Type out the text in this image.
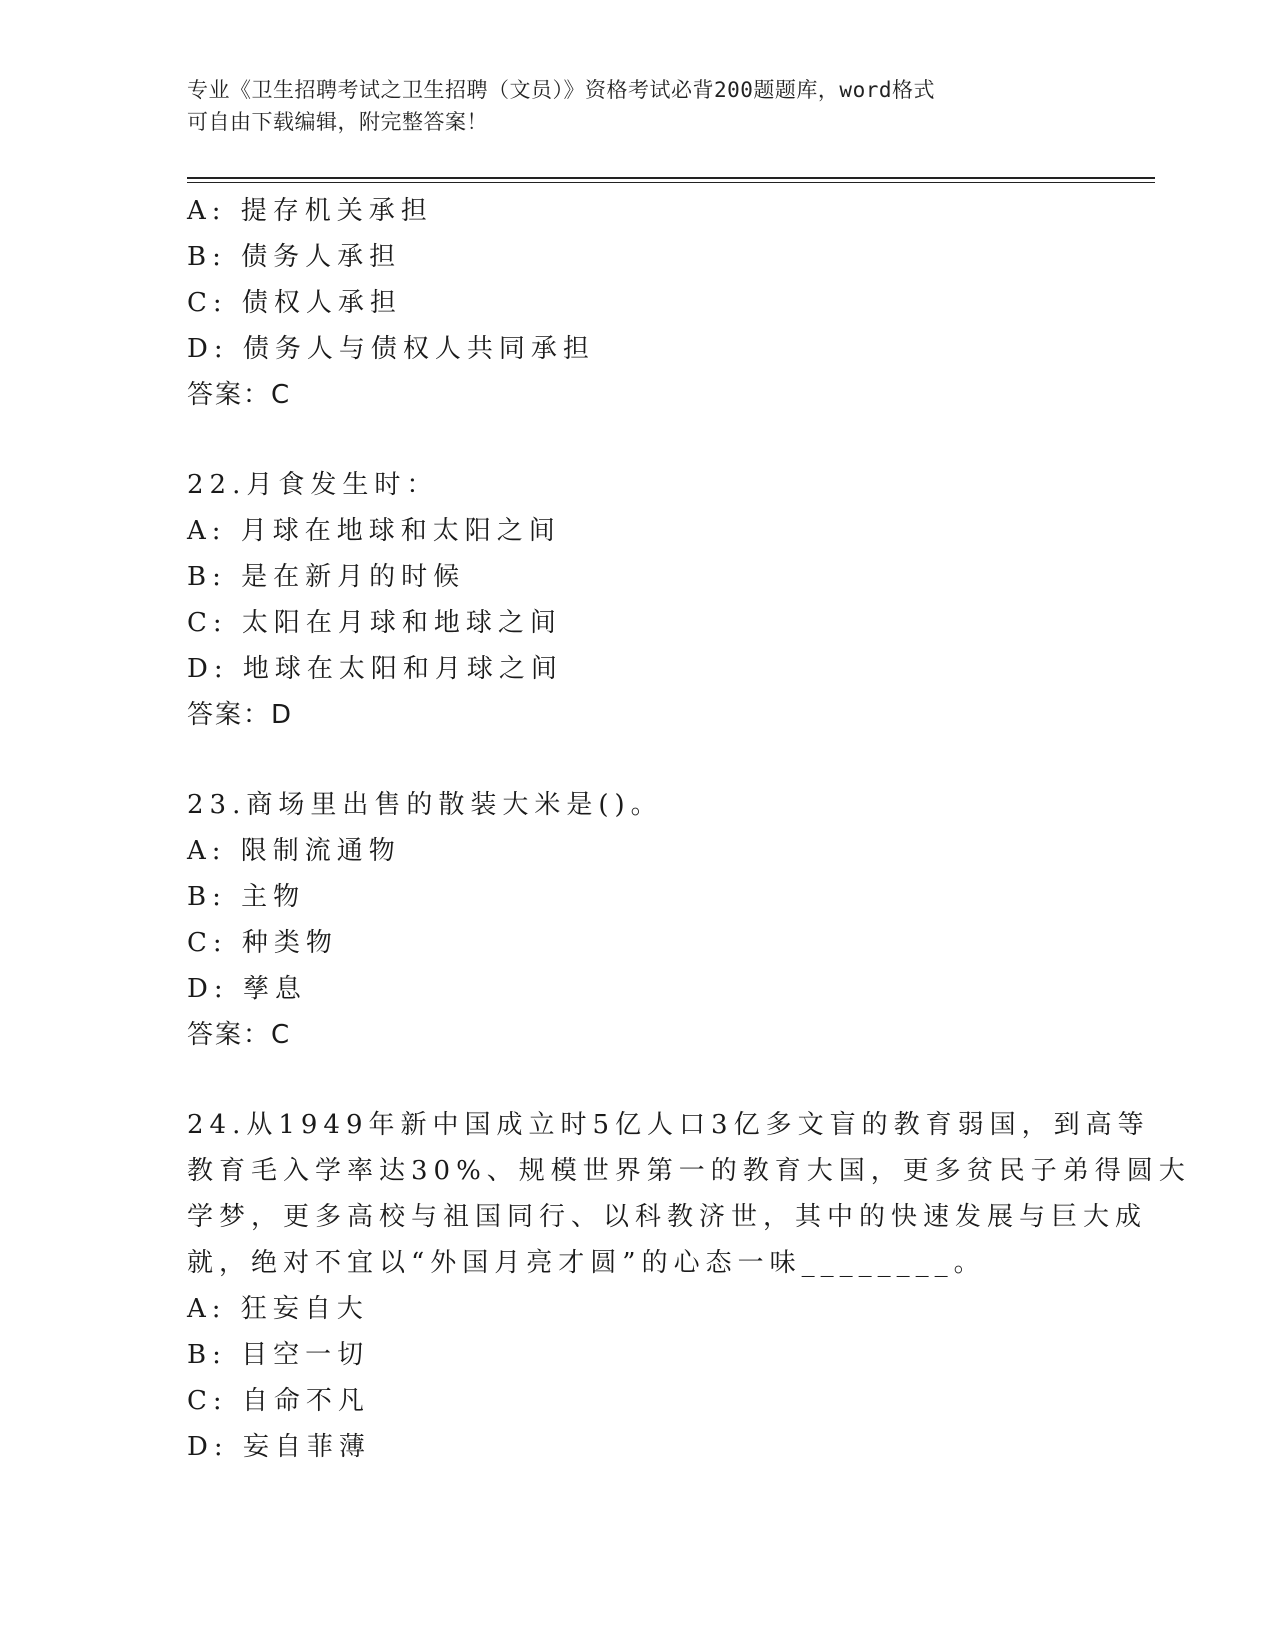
专业《卫生招聘考试之卫生招聘（文员）》资格考试必背200题题库，word格式
可自由下载编辑，附完整答案！
A: 提存机关承担
B: 债务人承担
C: 债权人承担
D: 债务人与债权人共同承担
答案：C
22.月食发生时：
A: 月球在地球和太阳之间
B: 是在新月的时候
C: 太阳在月球和地球之间
D: 地球在太阳和月球之间
答案：D
23.商场里出售的散装大米是()。
A: 限制流通物
B: 主物
C: 种类物
D: 孳息
答案：C
24.从1949年新中国成立时5亿人口3亿多文盲的教育弱国，到高等
教育毛入学率达30%、规模世界第一的教育大国，更多贫民子弟得圆大
学梦，更多高校与祖国同行、以科教济世，其中的快速发展与巨大成
就，绝对不宜以“外国月亮才圆”的心态一味________。
A: 狂妄自大
B: 目空一切
C: 自命不凡
D: 妄自菲薄
